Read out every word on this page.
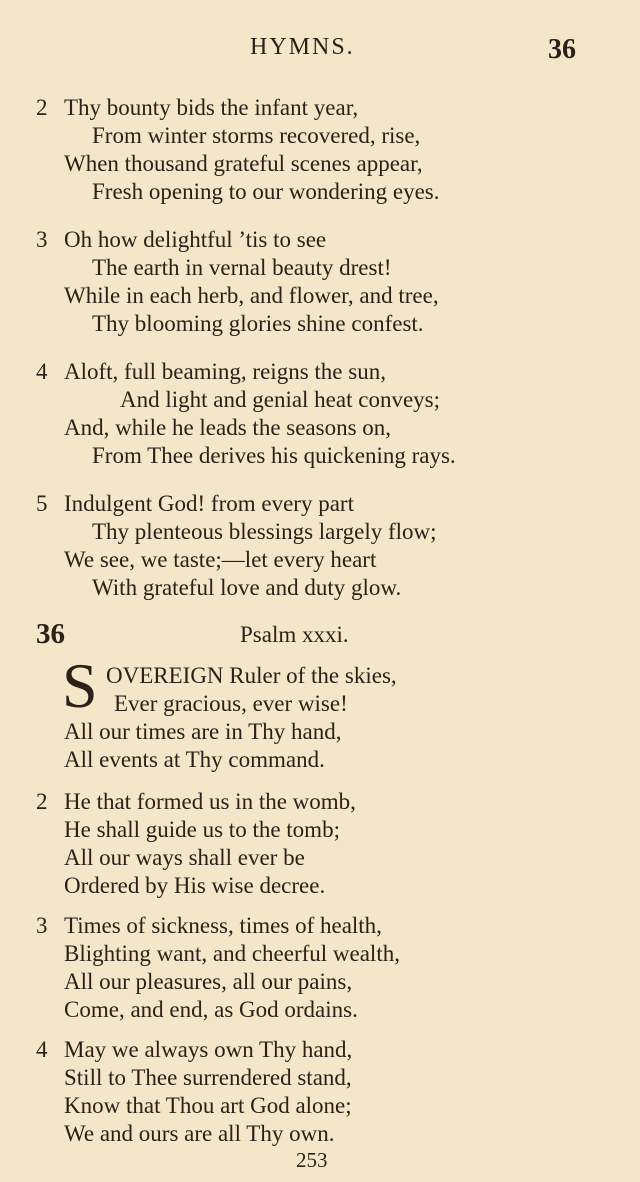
HYMNS.	36
2 Thy bounty bids the infant year,
From winter storms recovered, rise,
When thousand grateful scenes appear,
Fresh opening to our wondering eyes.
3 Oh how delightful ’tis to see
The earth in vernal beauty drest!
While in each herb, and flower, and tree,
Thy blooming glories shine confest.
4 Aloft, full beaming, reigns the sun,
And light and genial heat conveys;
And, while he leads the seasons on,
From Thee derives his quickening rays.
5 Indulgent God! from every part
Thy plenteous blessings largely flow;
We see, we taste;—let every heart
With grateful love and duty glow.
36	Psalm xxxi.
S OVEREIGN Ruler of the skies,
Ever gracious, ever wise!
All our times are in Thy hand,
All events at Thy command.
2 He that formed us in the womb,
He shall guide us to the tomb;
All our ways shall ever be
Ordered by His wise decree.
3 Times of sickness, times of health,
Blighting want, and cheerful wealth,
All our pleasures, all our pains,
Come, and end, as God ordains.
4 May we always own Thy hand,
Still to Thee surrendered stand,
Know that Thou art God alone;
We and ours are all Thy own.
253
